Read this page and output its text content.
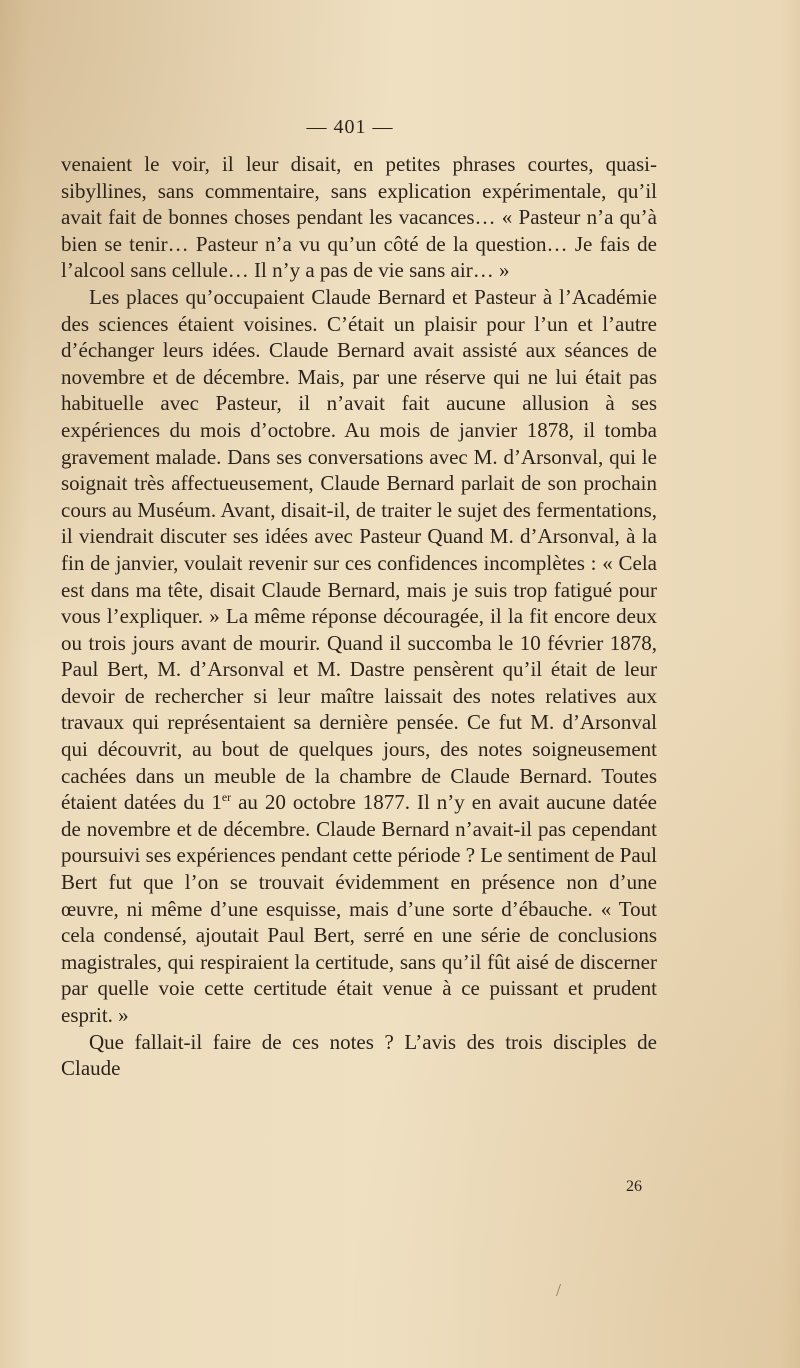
— 401 —

venaient le voir, il leur disait, en petites phrases courtes, quasi-sibyllines, sans commentaire, sans explication expérimentale, qu’il avait fait de bonnes choses pendant les vacances… « Pasteur n’a qu’à bien se tenir… Pasteur n’a vu qu’un côté de la question… Je fais de l’alcool sans cellule… Il n’y a pas de vie sans air… »

Les places qu’occupaient Claude Bernard et Pasteur à l’Académie des sciences étaient voisines. C’était un plaisir pour l’un et l’autre d’échanger leurs idées. Claude Bernard avait assisté aux séances de novembre et de décembre. Mais, par une réserve qui ne lui était pas habituelle avec Pasteur, il n’avait fait aucune allusion à ses expériences du mois d’octobre. Au mois de janvier 1878, il tomba gravement malade. Dans ses conversations avec M. d’Arsonval, qui le soignait très affectueusement, Claude Bernard parlait de son prochain cours au Muséum. Avant, disait-il, de traiter le sujet des fermentations, il viendrait discuter ses idées avec Pasteur Quand M. d’Arsonval, à la fin de janvier, voulait revenir sur ces confidences incomplètes : « Cela est dans ma tête, disait Claude Bernard, mais je suis trop fatigué pour vous l’expliquer. » La même réponse découragée, il la fit encore deux ou trois jours avant de mourir. Quand il succomba le 10 février 1878, Paul Bert, M. d’Arsonval et M. Dastre pensèrent qu’il était de leur devoir de rechercher si leur maître laissait des notes relatives aux travaux qui représentaient sa dernière pensée. Ce fut M. d’Arsonval qui découvrit, au bout de quelques jours, des notes soigneusement cachées dans un meuble de la chambre de Claude Bernard. Toutes étaient datées du 1er au 20 octobre 1877. Il n’y en avait aucune datée de novembre et de décembre. Claude Bernard n’avait-il pas cependant poursuivi ses expériences pendant cette période ? Le sentiment de Paul Bert fut que l’on se trouvait évidemment en présence non d’une œuvre, ni même d’une esquisse, mais d’une sorte d’ébauche. « Tout cela condensé, ajoutait Paul Bert, serré en une série de conclusions magistrales, qui respiraient la certitude, sans qu’il fût aisé de discerner par quelle voie cette certitude était venue à ce puissant et prudent esprit. »

Que fallait-il faire de ces notes ? L’avis des trois disciples de Claude

26
/
